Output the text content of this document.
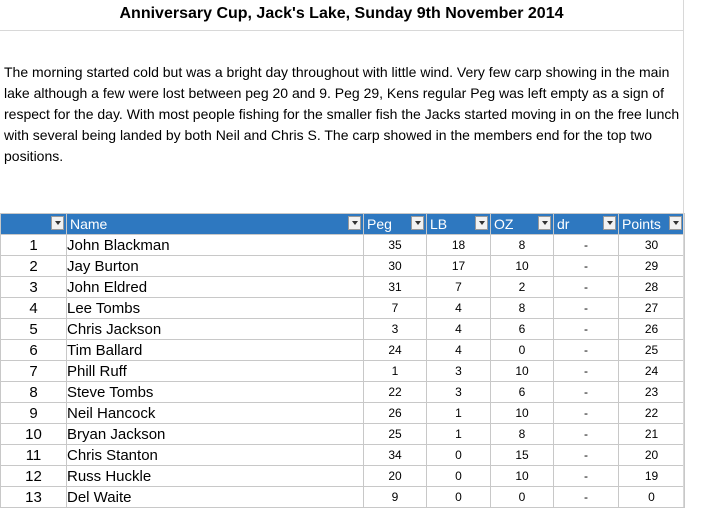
Anniversary Cup, Jack's Lake, Sunday 9th November 2014

The morning started cold but was a bright day throughout with little wind. Very few carp showing in the main lake although a few were lost between peg 20 and 9. Peg 29, Kens regular Peg was left empty as a sign of respect for the day. With most people fishing for the smaller fish the Jacks started moving in on the free lunch with several being landed by both Neil and Chris S. The carp showed in the members end for the top two positions.

	Name	Peg	LB	OZ	dr	Points

1	John Blackman	35	18	8	-	30
2	Jay Burton	30	17	10	-	29
3	John Eldred	31	7	2	-	28
4	Lee Tombs	7	4	8	-	27
5	Chris Jackson	3	4	6	-	26
6	Tim Ballard	24	4	0	-	25
7	Phill Ruff	1	3	10	-	24
8	Steve Tombs	22	3	6	-	23
9	Neil Hancock	26	1	10	-	22
10	Bryan Jackson	25	1	8	-	21
11	Chris Stanton	34	0	15	-	20
12	Russ Huckle	20	0	10	-	19
13	Del Waite	9	0	0	-	0
